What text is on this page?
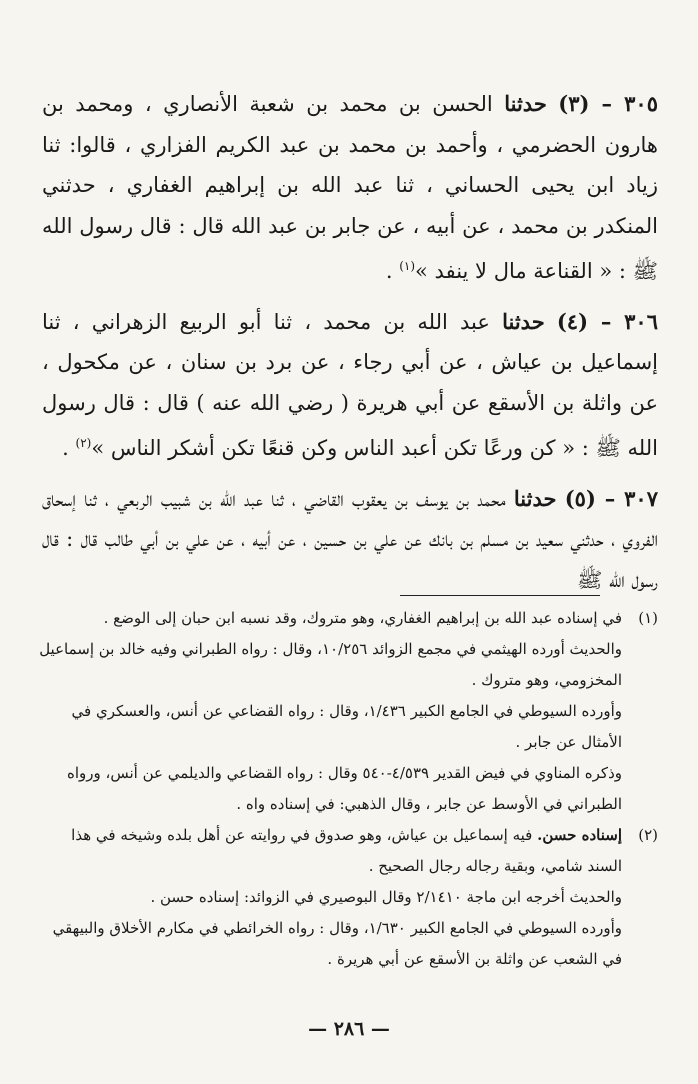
٣٠٥ – (٣) حدثنا الحسن بن محمد بن شعبة الأنصاري ، ومحمد بن هارون الحضرمي ، وأحمد بن محمد بن عبد الكريم الفزاري ، قالوا: ثنا زياد ابن يحيى الحساني ، ثنا عبد الله بن إبراهيم الغفاري ، حدثني المنكدر بن محمد ، عن أبيه ، عن جابر بن عبد الله قال : قال رسول الله ﷺ : « القناعة مال لا ينفد »$^{(١)}$ .

٣٠٦ – (٤) حدثنا عبد الله بن محمد ، ثنا أبو الربيع الزهراني ، ثنا إسماعيل بن عياش ، عن أبي رجاء ، عن برد بن سنان ، عن مكحول ، عن واثلة بن الأسقع عن أبي هريرة ( رضي الله عنه ) قال : قال رسول الله ﷺ : « كن ورعًا تكن أعبد الناس وكن قنعًا تكن أشكر الناس »$^{(٢)}$ .

٣٠٧ – (٥) حدثنا محمد بن يوسف بن يعقوب القاضي ، ثنا عبد الله بن شبيب الربعي ، ثنا إسحاق الفروي ، حدثني سعيد بن مسلم بن بانك عن علي بن حسين ، عن أبيه ، عن علي بن أبي طالب قال : قال رسول الله ﷺ

(١)
في إسناده عبد الله بن إبراهيم الغفاري، وهو متروك، وقد نسبه ابن حبان إلى الوضع .
والحديث أورده الهيثمي في مجمع الزوائد ١٠/٢٥٦، وقال : رواه الطبراني وفيه خالد بن إسماعيل المخزومي، وهو متروك .
وأورده السيوطي في الجامع الكبير ١/٤٣٦، وقال : رواه القضاعي عن أنس، والعسكري في الأمثال عن جابر .
وذكره المناوي في فيض القدير ٤/٥٣٩-٥٤٠ وقال : رواه القضاعي والديلمي عن أنس، ورواه الطبراني في الأوسط عن جابر ، وقال الذهبي: في إسناده واه .
(٢)
إسناده حسن. فيه إسماعيل بن عياش، وهو صدوق في روايته عن أهل بلده وشيخه في هذا السند شامي، وبقية رجاله رجال الصحيح .
والحديث أخرجه ابن ماجة ٢/١٤١٠ وقال البوصيري في الزوائد: إسناده حسن .
وأورده السيوطي في الجامع الكبير ١/٦٣٠، وقال : رواه الخرائطي في مكارم الأخلاق والبيهقي في الشعب عن واثلة بن الأسقع عن أبي هريرة .
— ٢٨٦ —
